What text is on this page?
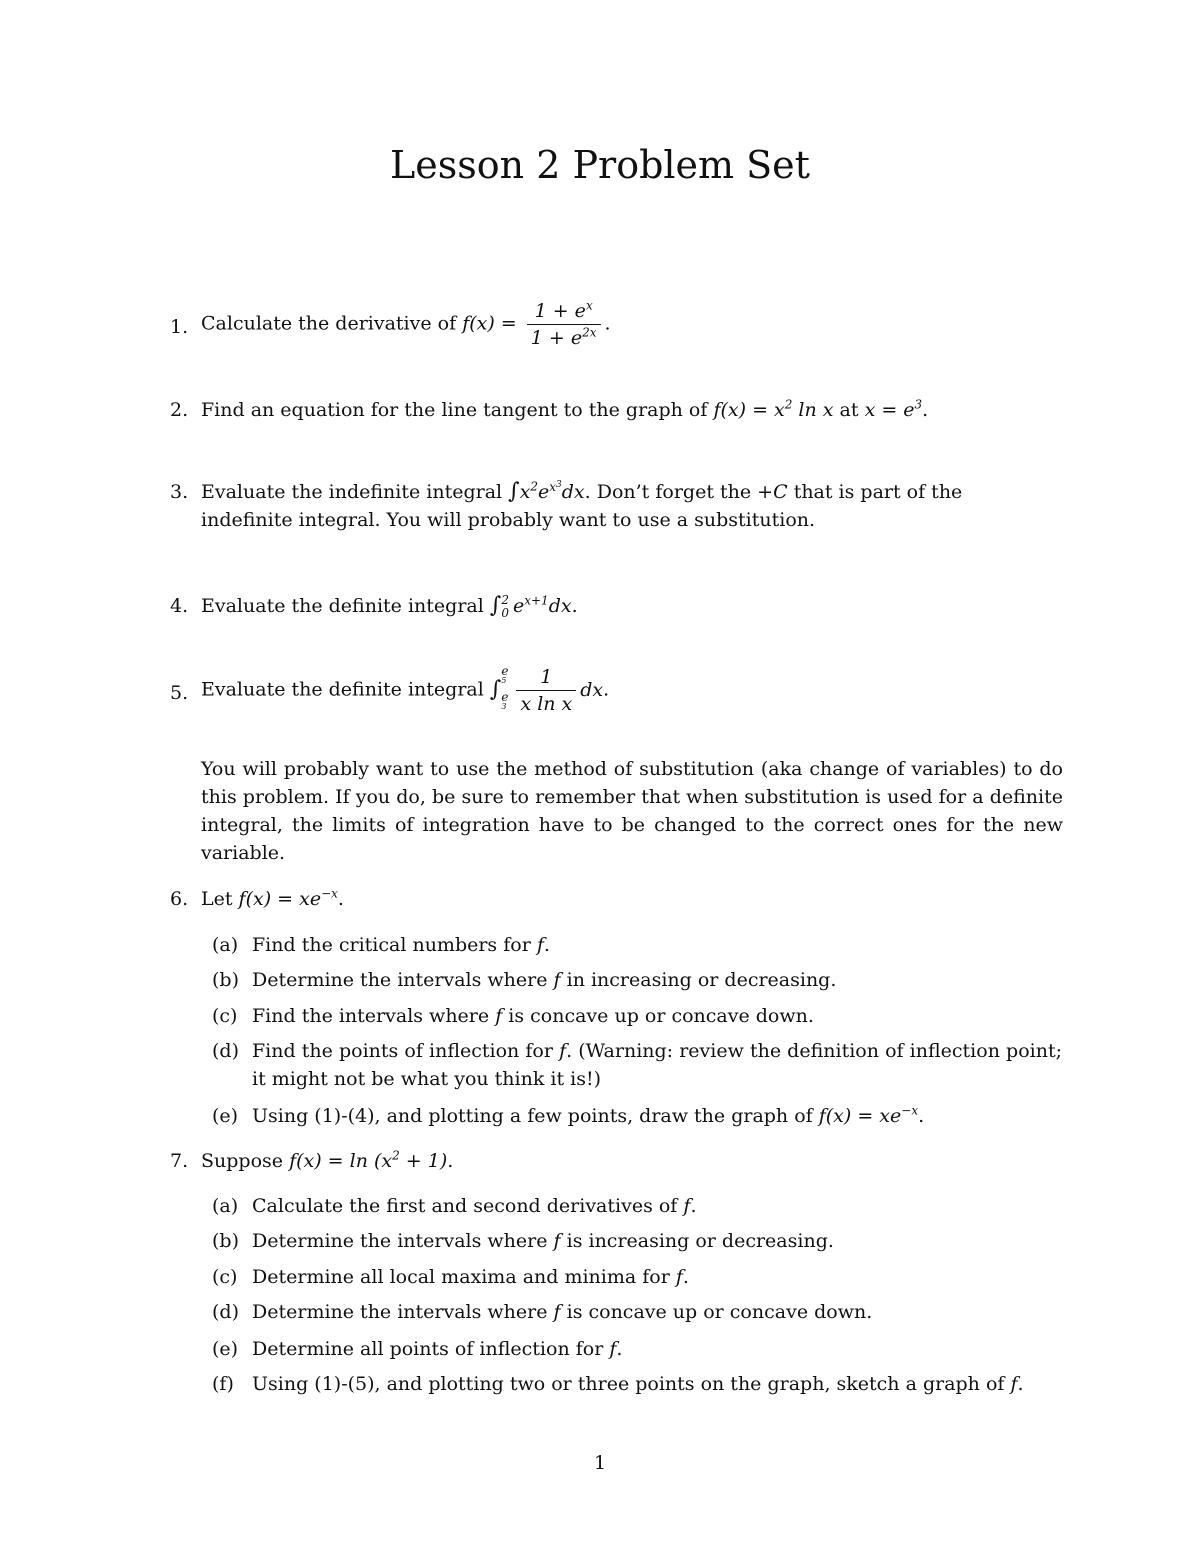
Lesson 2 Problem Set
1. Calculate the derivative of $f(x) = \frac{1 + e^x}{1 + e^{2x}}$ .
2. Find an equation for the line tangent to the graph of $f(x) = x^2$ ln x at $x = e^3$.
3. Evaluate the indefinite integral $\int x^2e^{x^3}dx$. Don’t forget the +C that is part of the
indefinite integral. You will probably want to use a substitution.
4. Evaluate the definite integral ∫ 2
0 $e^{x+1}dx$.
5. Evaluate the definite integral ∫
e
$^5$
e
$^3 \frac{1}{\text{x ln x}}$ dx.
You will probably want to use the method of substitution (aka change of variables) to do this problem. If you do, be sure to remember that when substitution is used for a definite integral, the limits of integration have to be changed to the correct ones for the new variable.
6. Let $f(x) = xe^{-x}$.
(a) Find the critical numbers for f.
(b) Determine the intervals where f in increasing or decreasing.
(c) Find the intervals where f is concave up or concave down.
(d) Find the points of inflection for f. (Warning: review the definition of inflection point; it might not be what you think it is!)
(e) Using (1)-(4), and plotting a few points, draw the graph of $f(x) = xe^{-x}$.
7. Suppose $f(x) = \ln (x^2 + 1)$.
(a) Calculate the first and second derivatives of f.
(b) Determine the intervals where f is increasing or decreasing.
(c) Determine all local maxima and minima for f.
(d) Determine the intervals where f is concave up or concave down.
(e) Determine all points of inflection for f.
(f) Using (1)-(5), and plotting two or three points on the graph, sketch a graph of f.
1
